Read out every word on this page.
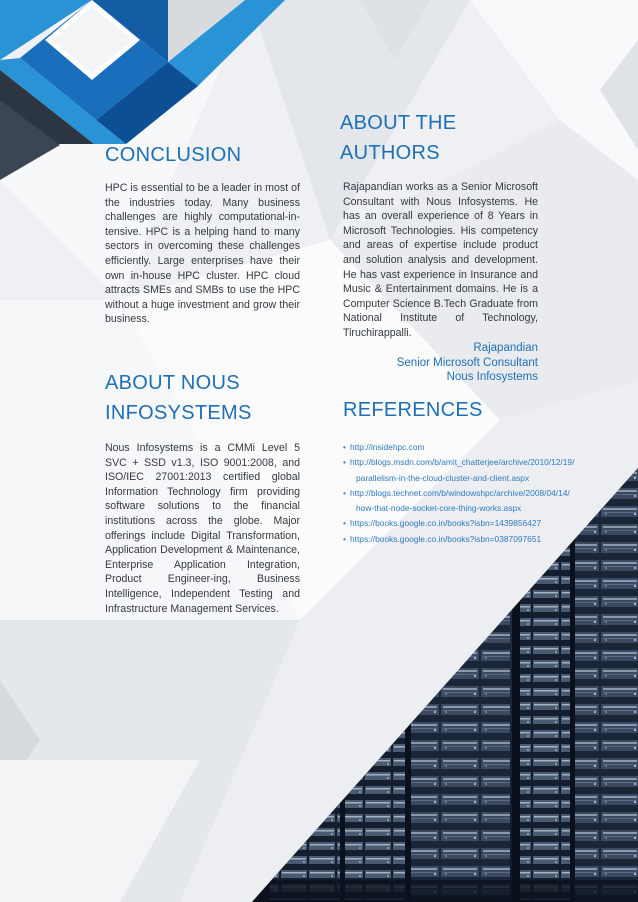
CONCLUSION

HPC is essential to be a leader in most of the industries today. Many business challenges are highly computational-in-tensive. HPC is a helping hand to many sectors in overcoming these challenges efficiently. Large enterprises have their own in-house HPC cluster. HPC cloud attracts SMEs and SMBs to use the HPC without a huge investment and grow their business.

ABOUT NOUS
INFOSYSTEMS

Nous Infosystems is a CMMi Level 5 SVC + SSD v1.3, ISO 9001:2008, and ISO/IEC 27001:2013 certified global Information Technology firm providing software solutions to the financial institutions across the globe. Major offerings include Digital Transformation, Application Development & Maintenance, Enterprise Application Integration, Product Engineer-ing, Business Intelligence, Independent Testing and Infrastructure Management Services.

ABOUT THE
AUTHORS

Rajapandian works as a Senior Microsoft Consultant with Nous Infosystems. He has an overall experience of 8 Years in Microsoft Technologies. His competency and areas of expertise include product and solution analysis and development. He has vast experience in Insurance and Music & Entertainment domains. He is a Computer Science B.Tech Graduate from National Institute of Technology, Tiruchirappalli.

Rajapandian
Senior Microsoft Consultant
Nous Infosystems
REFERENCES
• http://insidehpc.com
• http://blogs.msdn.com/b/amit_chatterjee/archive/2010/12/19/
parallelism-in-the-cloud-cluster-and-client.aspx
• http://blogs.technet.com/b/windowshpc/archive/2008/04/14/
how-that-node-socket-core-thing-works.aspx
• https://books.google.co.in/books?isbn=1439856427
• https://books.google.co.in/books?isbn=0387097651
